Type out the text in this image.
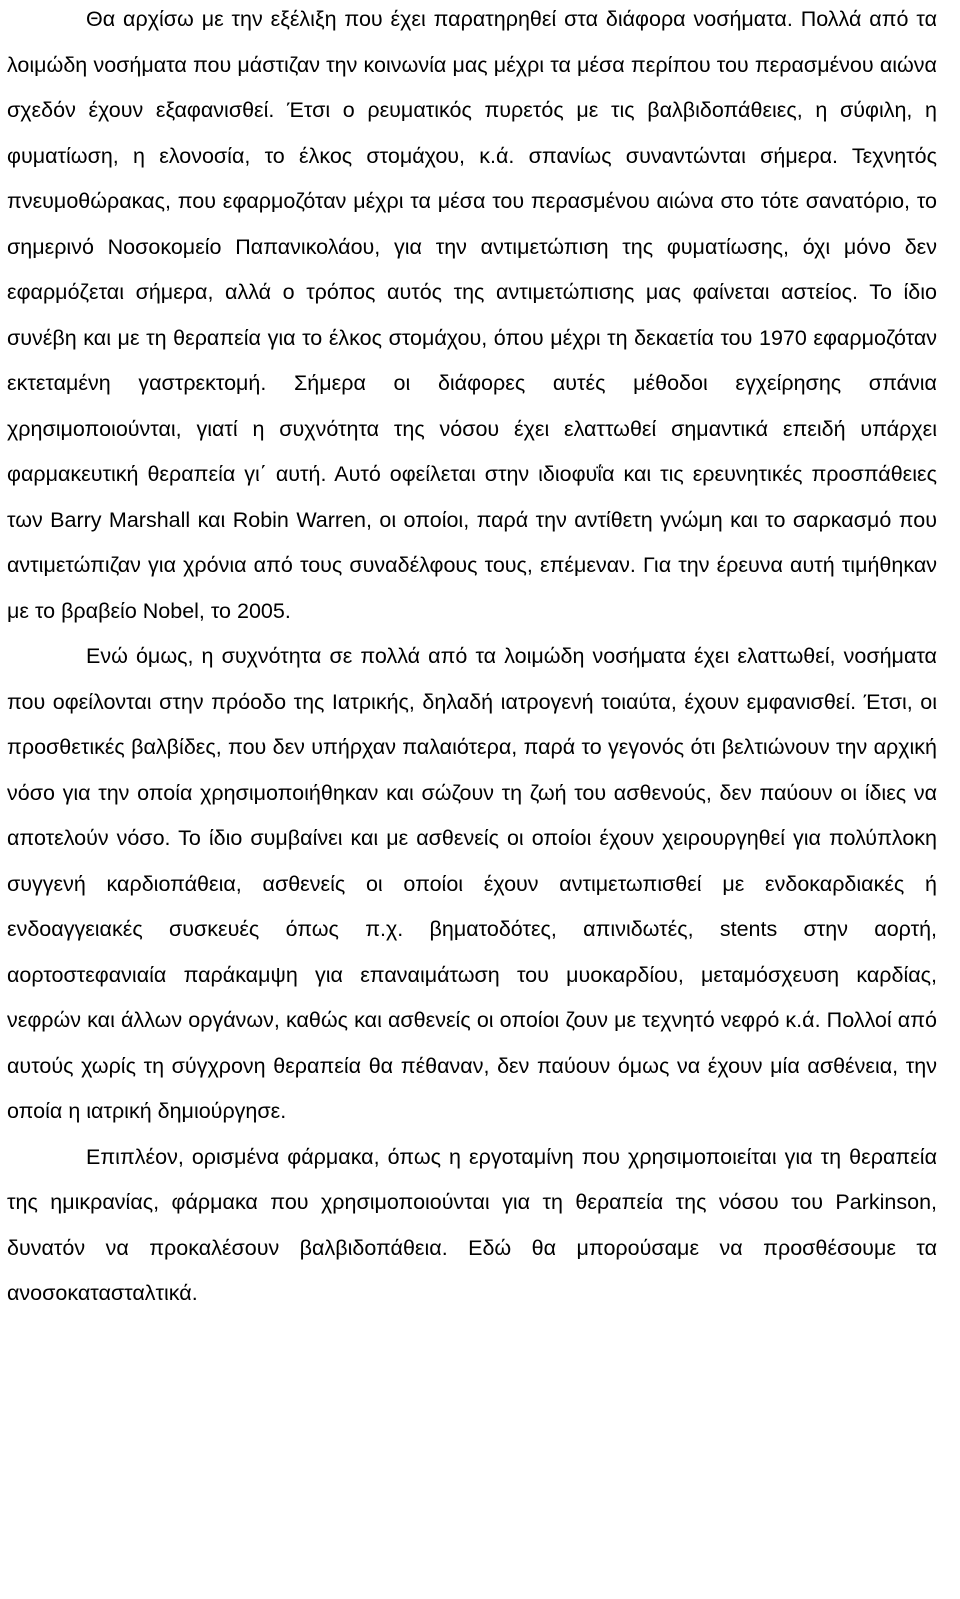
Θα αρχίσω με την εξέλιξη που έχει παρατηρηθεί στα διάφορα νοσήματα. Πολλά από τα λοιμώδη νοσήματα που μάστιζαν την κοινωνία μας μέχρι τα μέσα περίπου του περασμένου αιώνα σχεδόν έχουν εξαφανισθεί. Έτσι ο ρευματικός πυρετός με τις βαλβιδοπάθειες, η σύφιλη, η φυματίωση, η ελονοσία, το έλκος στομάχου, κ.ά. σπανίως συναντώνται σήμερα. Τεχνητός πνευμοθώρακας, που εφαρμοζόταν μέχρι τα μέσα του περασμένου αιώνα στο τότε σανατόριο, το σημερινό Νοσοκομείο Παπανικολάου, για την αντιμετώπιση της φυματίωσης, όχι μόνο δεν εφαρμόζεται σήμερα, αλλά ο τρόπος αυτός της αντιμετώπισης μας φαίνεται αστείος. Το ίδιο συνέβη και με τη θεραπεία για το έλκος στομάχου, όπου μέχρι τη δεκαετία του 1970 εφαρμοζόταν εκτεταμένη γαστρεκτομή. Σήμερα οι διάφορες αυτές μέθοδοι εγχείρησης σπάνια χρησιμοποιούνται, γιατί η συχνότητα της νόσου έχει ελαττωθεί σημαντικά επειδή υπάρχει φαρμακευτική θεραπεία γι΄ αυτή. Αυτό οφείλεται στην ιδιοφυΐα και τις ερευνητικές προσπάθειες των Barry Marshall και Robin Warren, οι οποίοι, παρά την αντίθετη γνώμη και το σαρκασμό που αντιμετώπιζαν για χρόνια από τους συναδέλφους τους, επέμεναν. Για την έρευνα αυτή τιμήθηκαν με το βραβείο Nobel, το 2005.

Ενώ όμως, η συχνότητα σε πολλά από τα λοιμώδη νοσήματα έχει ελαττωθεί, νοσήματα που οφείλονται στην πρόοδο της Ιατρικής, δηλαδή ιατρογενή τοιαύτα, έχουν εμφανισθεί. Έτσι, οι προσθετικές βαλβίδες, που δεν υπήρχαν παλαιότερα, παρά το γεγονός ότι βελτιώνουν την αρχική νόσο για την οποία χρησιμοποιήθηκαν και σώζουν τη ζωή του ασθενούς, δεν παύουν οι ίδιες να αποτελούν νόσο. Το ίδιο συμβαίνει και με ασθενείς οι οποίοι έχουν χειρουργηθεί για πολύπλοκη συγγενή καρδιοπάθεια, ασθενείς οι οποίοι έχουν αντιμετωπισθεί με ενδοκαρδιακές ή ενδοαγγειακές συσκευές όπως π.χ. βηματοδότες, απινιδωτές, stents στην αορτή, αορτοστεφανιαία παράκαμψη για επαναιμάτωση του μυοκαρδίου, μεταμόσχευση καρδίας, νεφρών και άλλων οργάνων, καθώς και ασθενείς οι οποίοι ζουν με τεχνητό νεφρό κ.ά. Πολλοί από αυτούς χωρίς τη σύγχρονη θεραπεία θα πέθαναν, δεν παύουν όμως να έχουν μία ασθένεια, την οποία η ιατρική δημιούργησε.

Επιπλέον, ορισμένα φάρμακα, όπως η εργοταμίνη που χρησιμοποιείται για τη θεραπεία της ημικρανίας, φάρμακα που χρησιμοποιούνται για τη θεραπεία της νόσου του Parkinson, δυνατόν να προκαλέσουν βαλβιδοπάθεια. Εδώ θα μπορούσαμε να προσθέσουμε τα ανοσοκατασταλτικά.
